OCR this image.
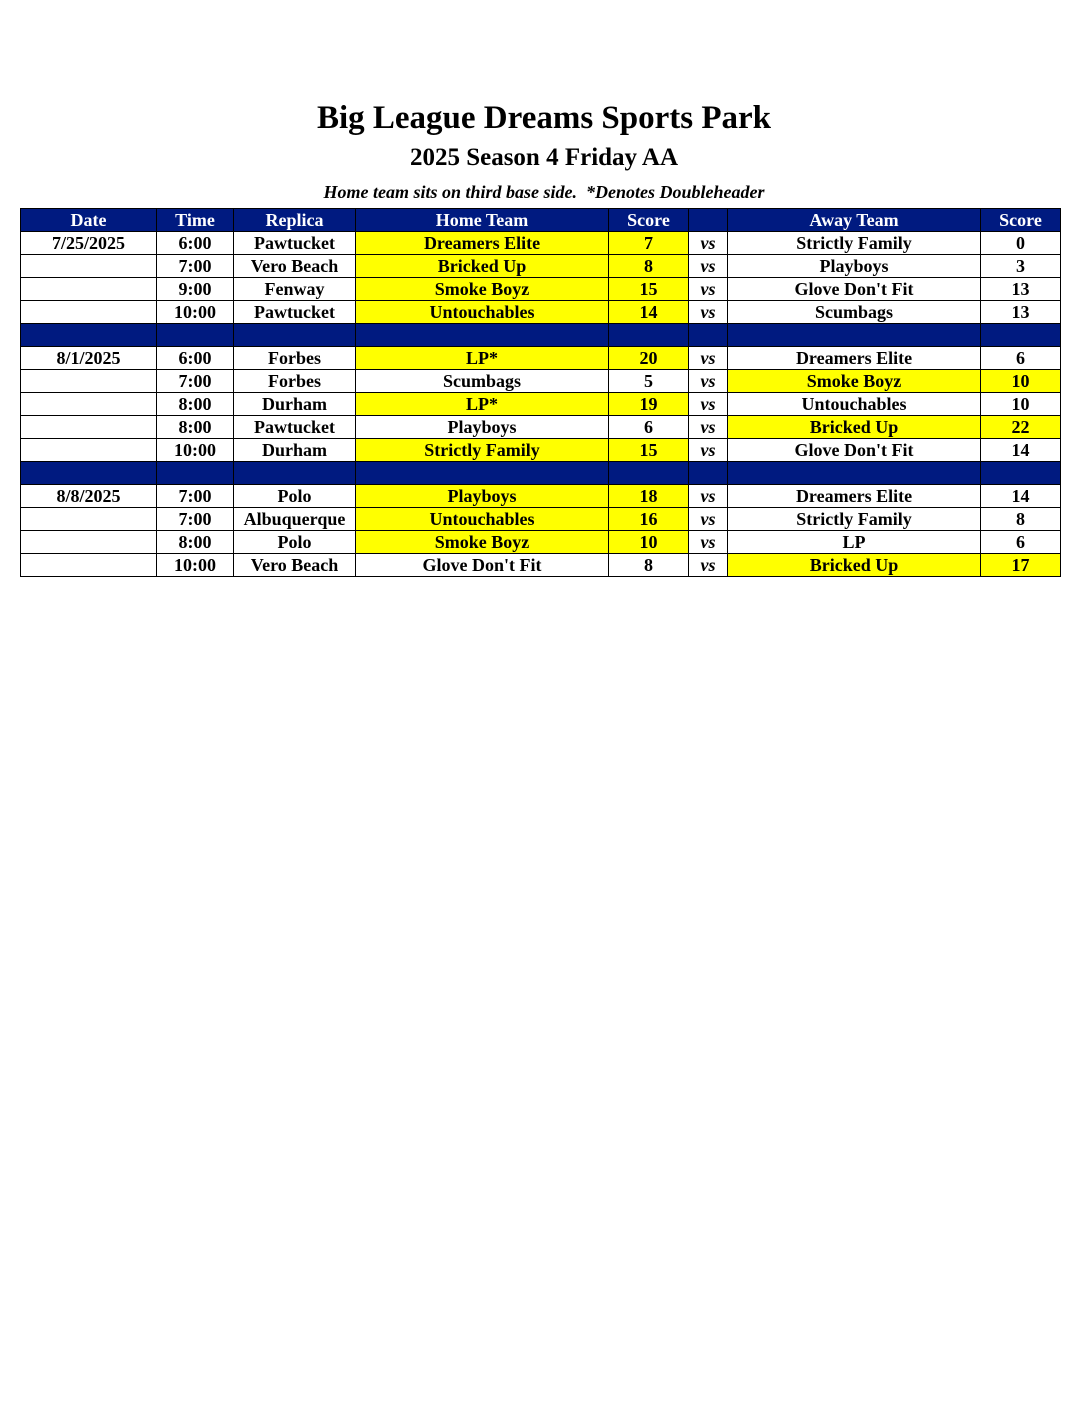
Big League Dreams Sports Park
2025 Season 4 Friday AA
Home team sits on third base side.  *Denotes Doubleheader
Date	Time	Replica	Home Team	Score		Away Team	Score
7/25/2025	6:00	Pawtucket	Dreamers Elite	7	vs	Strictly Family	0
	7:00	Vero Beach	Bricked Up	8	vs	Playboys	3
	9:00	Fenway	Smoke Boyz	15	vs	Glove Don't Fit	13
	10:00	Pawtucket	Untouchables	14	vs	Scumbags	13

8/1/2025	6:00	Forbes	LP*	20	vs	Dreamers Elite	6
	7:00	Forbes	Scumbags	5	vs	Smoke Boyz	10
	8:00	Durham	LP*	19	vs	Untouchables	10
	8:00	Pawtucket	Playboys	6	vs	Bricked Up	22
	10:00	Durham	Strictly Family	15	vs	Glove Don't Fit	14

8/8/2025	7:00	Polo	Playboys	18	vs	Dreamers Elite	14
	7:00	Albuquerque	Untouchables	16	vs	Strictly Family	8
	8:00	Polo	Smoke Boyz	10	vs	LP	6
	10:00	Vero Beach	Glove Don't Fit	8	vs	Bricked Up	17
